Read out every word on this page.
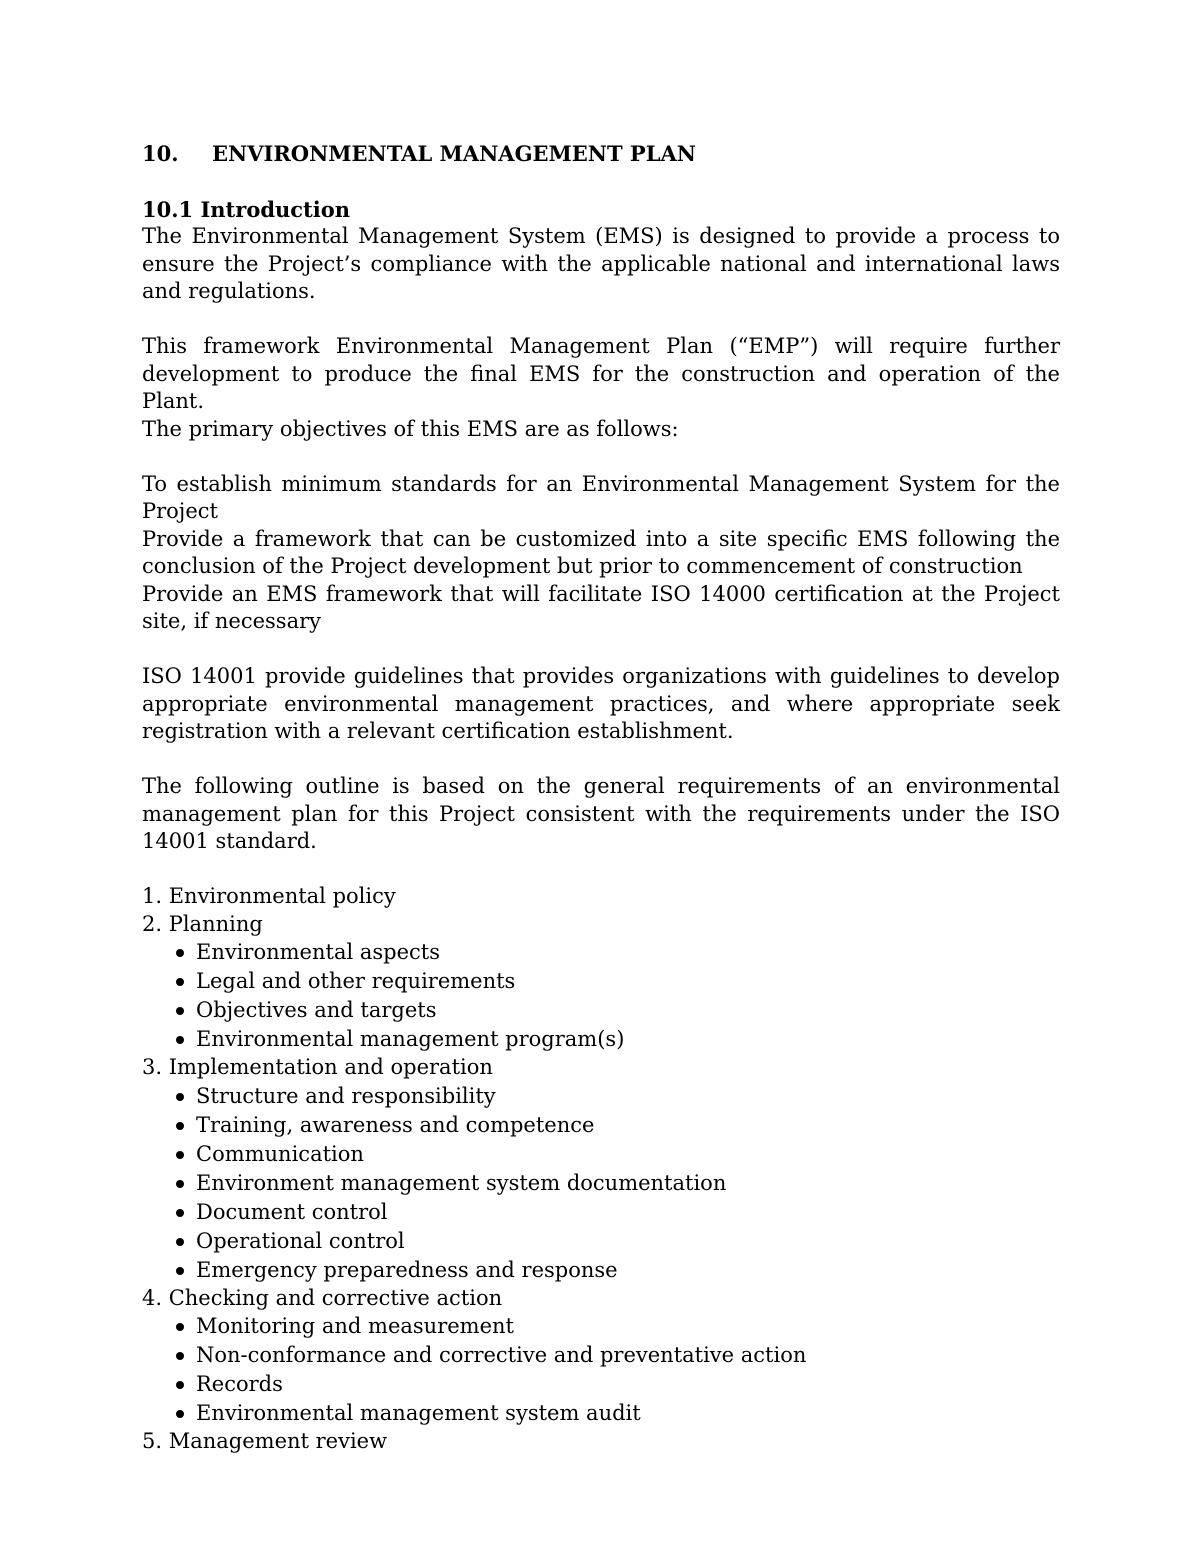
10.	ENVIRONMENTAL MANAGEMENT PLAN

10.1 Introduction

The Environmental Management System (EMS) is designed to provide a process to ensure the Project’s compliance with the applicable national and international laws and regulations.

This framework Environmental Management Plan (“EMP”) will require further development to produce the final EMS for the construction and operation of the Plant.

The primary objectives of this EMS are as follows:

To establish minimum standards for an Environmental Management System for the Project

Provide a framework that can be customized into a site specific EMS following the conclusion of the Project development but prior to commencement of construction

Provide an EMS framework that will facilitate ISO 14000 certification at the Project site, if necessary

ISO 14001 provide guidelines that provides organizations with guidelines to develop appropriate environmental management practices, and where appropriate seek registration with a relevant certification establishment.

The following outline is based on the general requirements of an environmental management plan for this Project consistent with the requirements under the ISO 14001 standard.

1. Environmental policy
2. Planning
Environmental aspects
Legal and other requirements
Objectives and targets
Environmental management program(s)
3. Implementation and operation
Structure and responsibility
Training, awareness and competence
Communication
Environment management system documentation
Document control
Operational control
Emergency preparedness and response
4. Checking and corrective action
Monitoring and measurement
Non-conformance and corrective and preventative action
Records
Environmental management system audit
5. Management review
